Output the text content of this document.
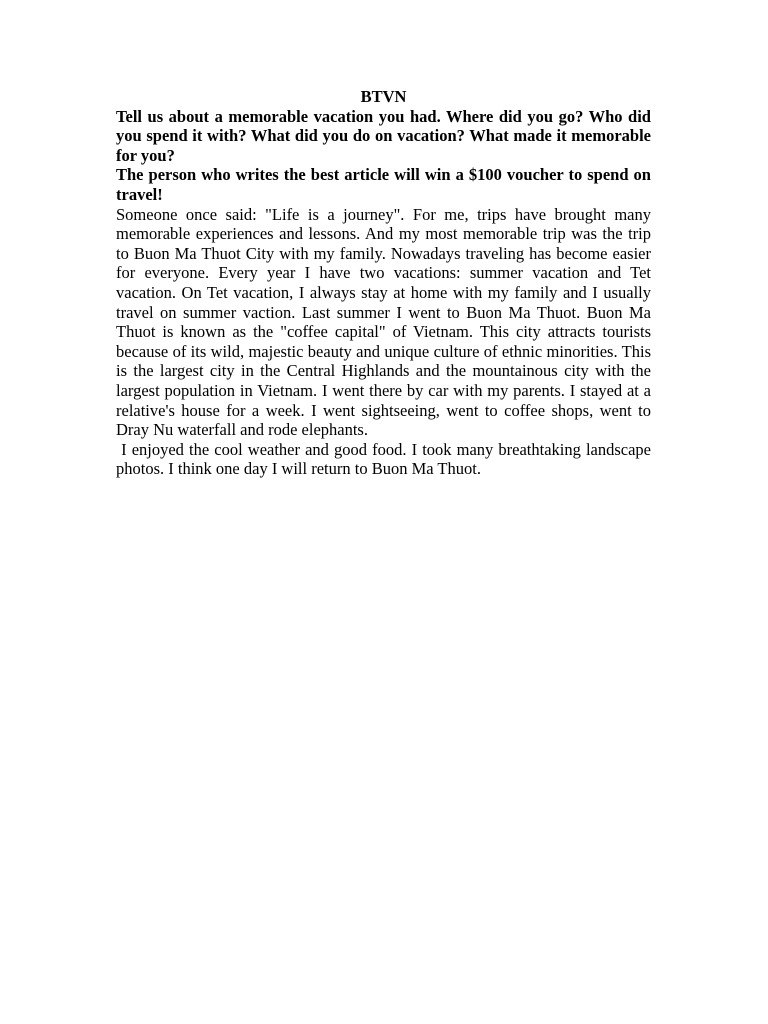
BTVN

Tell us about a memorable vacation you had. Where did you go? Who did you spend it with? What did you do on vacation? What made it memorable for you?

The person who writes the best article will win a $100 voucher to spend on travel!

Someone once said: "Life is a journey". For me, trips have brought many memorable experiences and lessons. And my most memorable trip was the trip to Buon Ma Thuot City with my family. Nowadays traveling has become easier for everyone. Every year I have two vacations: summer vacation and Tet vacation. On Tet vacation, I always stay at home with my family and I usually travel on summer vaction. Last summer I went to Buon Ma Thuot. Buon Ma Thuot is known as the "coffee capital" of Vietnam. This city attracts tourists because of its wild, majestic beauty and unique culture of ethnic minorities. This is the largest city in the Central Highlands and the mountainous city with the largest population in Vietnam. I went there by car with my parents. I stayed at a relative's house for a week. I went sightseeing, went to coffee shops, went to Dray Nu waterfall and rode elephants.

I enjoyed the cool weather and good food. I took many breathtaking landscape photos. I think one day I will return to Buon Ma Thuot.
